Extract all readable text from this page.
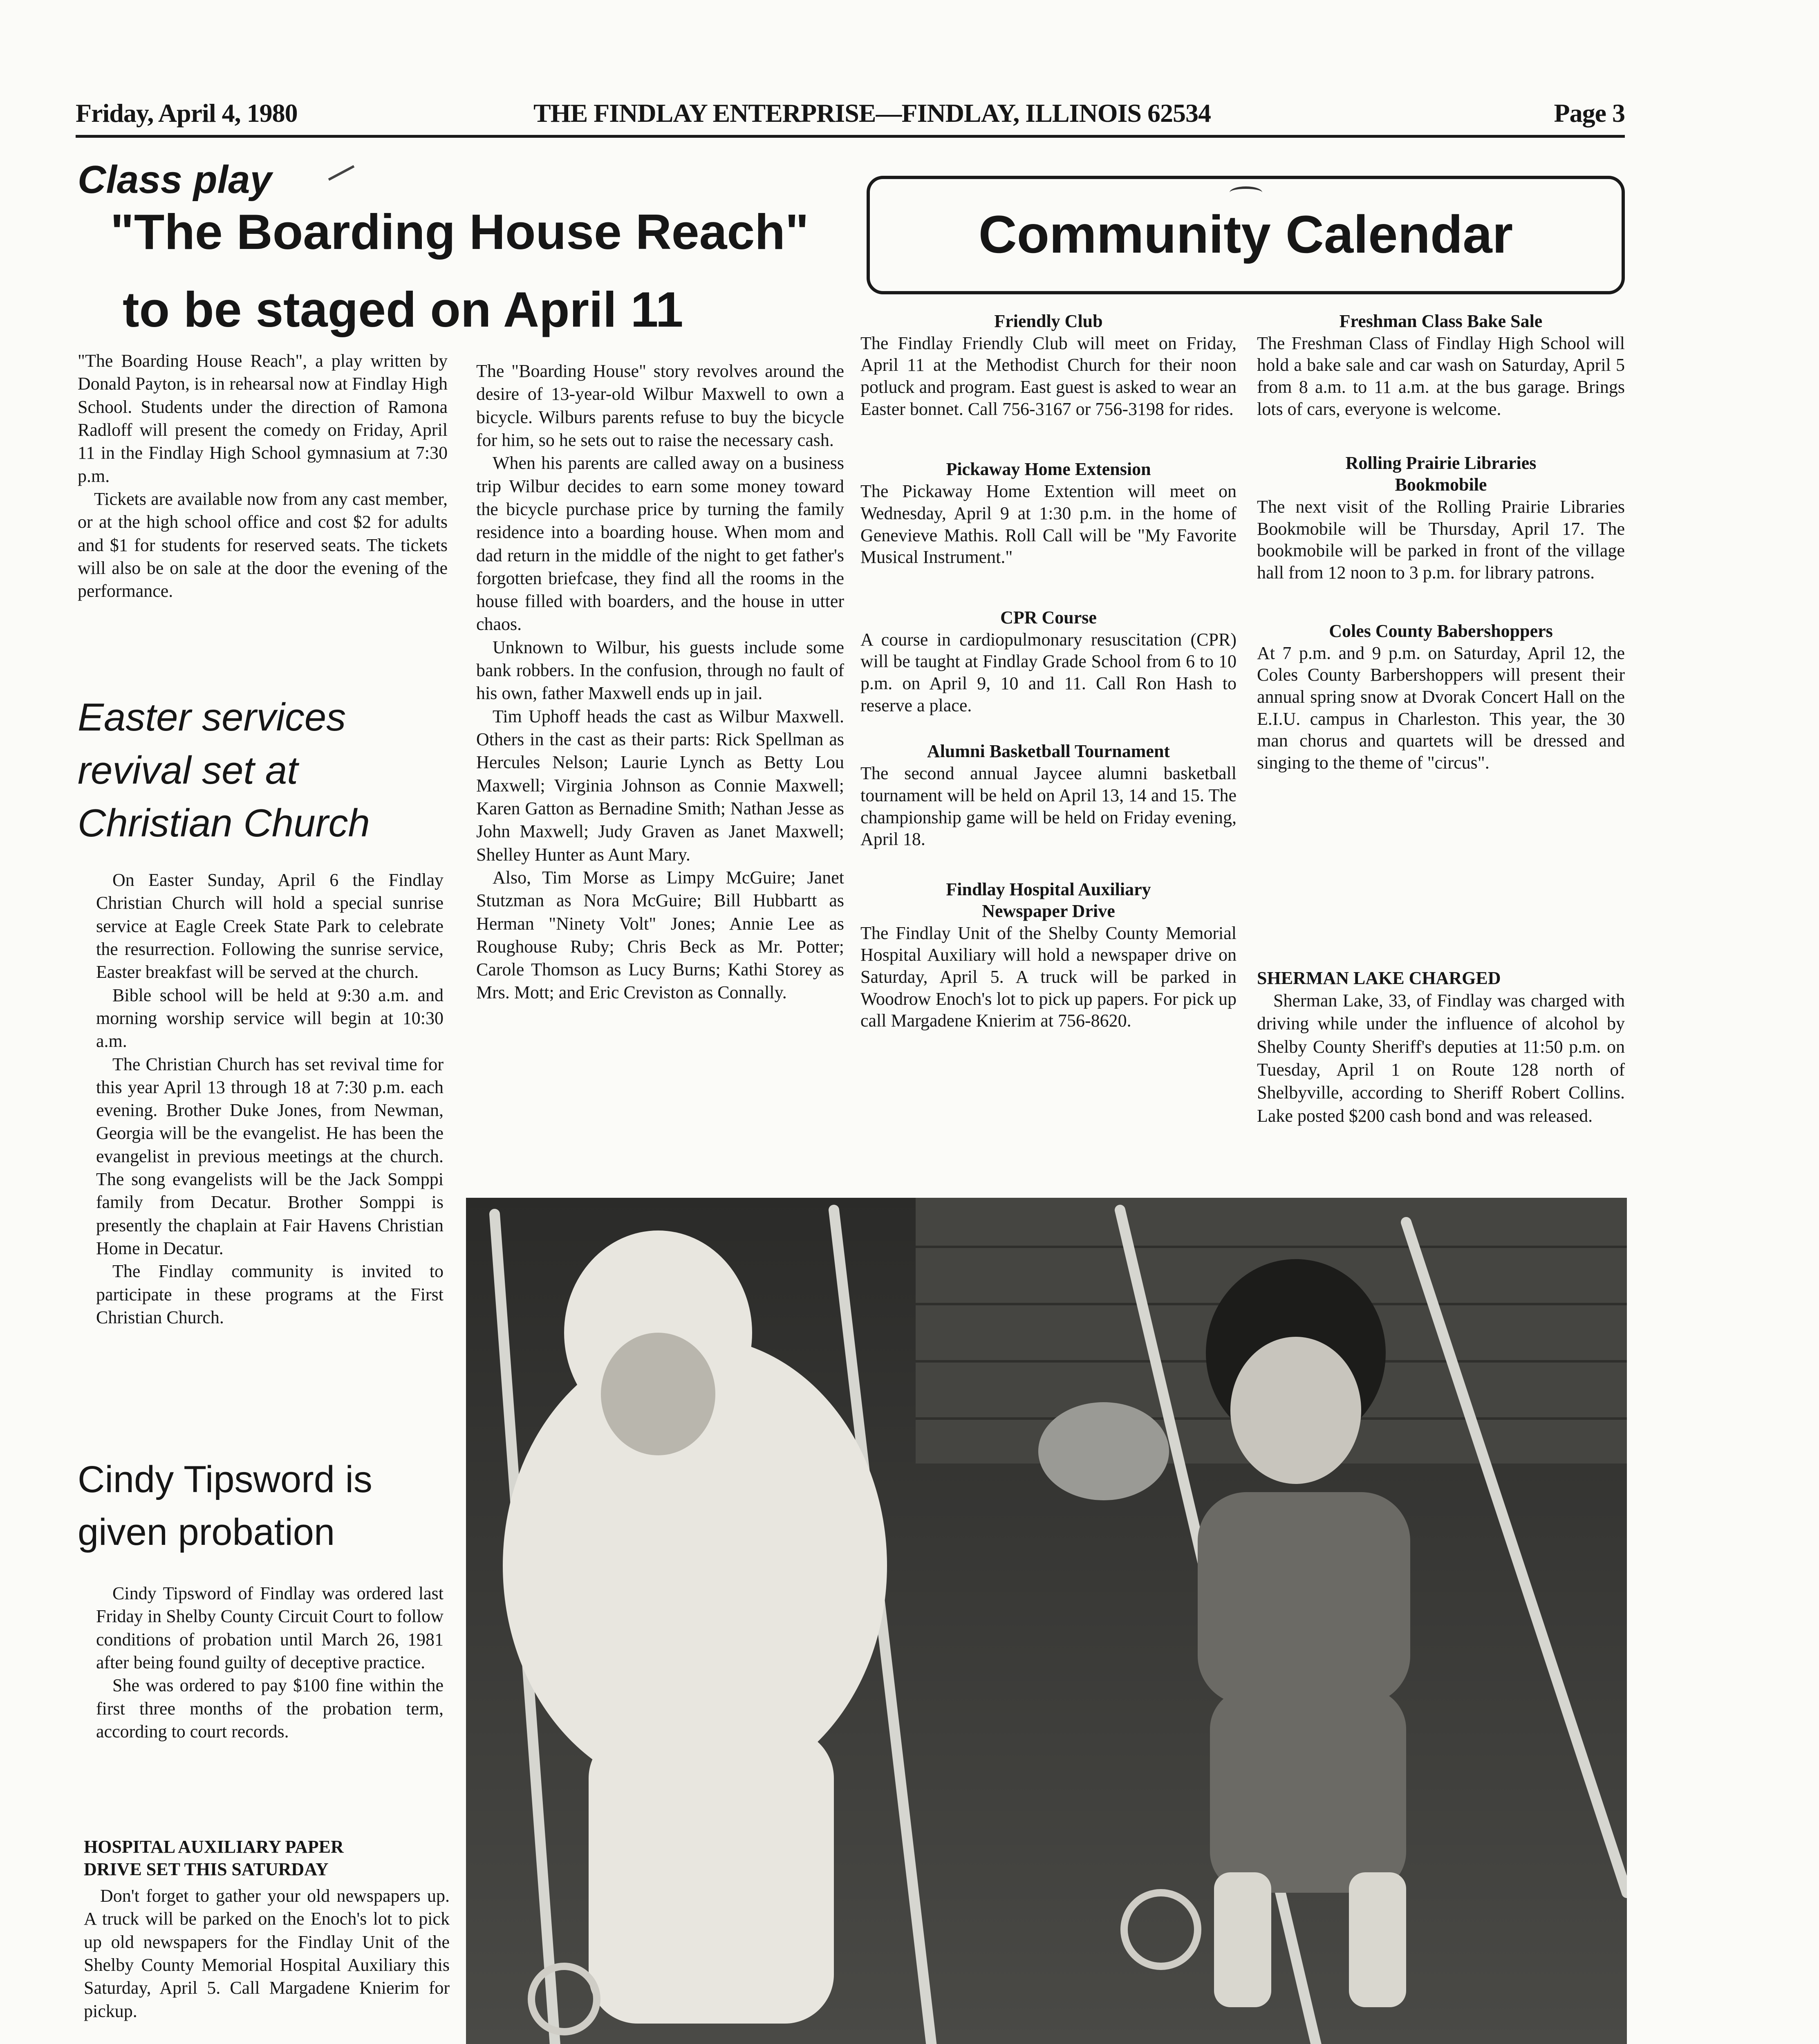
Friday, April 4, 1980	THE FINDLAY ENTERPRISE—FINDLAY, ILLINOIS 62534	Page 3
Class play
"The Boarding House Reach"
to be staged on April 11

"The Boarding House Reach", a play written by Donald Payton, is in rehearsal now at Findlay High School. Students under the direction of Ramona Radloff will present the comedy on Friday, April 11 in the Findlay High School gymnasium at 7:30 p.m.

Tickets are available now from any cast member, or at the high school office and cost $2 for adults and $1 for students for reserved seats. The tickets will also be on sale at the door the evening of the performance.

The "Boarding House" story revolves around the desire of 13-year-old Wilbur Maxwell to own a bicycle. Wilburs parents refuse to buy the bicycle for him, so he sets out to raise the necessary cash.

When his parents are called away on a business trip Wilbur decides to earn some money toward the bicycle purchase price by turning the family residence into a boarding house. When mom and dad return in the middle of the night to get father's forgotten briefcase, they find all the rooms in the house filled with boarders, and the house in utter chaos.

Unknown to Wilbur, his guests include some bank robbers. In the confusion, through no fault of his own, father Maxwell ends up in jail.

Tim Uphoff heads the cast as Wilbur Maxwell. Others in the cast as their parts: Rick Spellman as Hercules Nelson; Laurie Lynch as Betty Lou Maxwell; Virginia Johnson as Connie Maxwell; Karen Gatton as Bernadine Smith; Nathan Jesse as John Maxwell; Judy Graven as Janet Maxwell; Shelley Hunter as Aunt Mary.

Also, Tim Morse as Limpy McGuire; Janet Stutzman as Nora McGuire; Bill Hubbartt as Herman "Ninety Volt" Jones; Annie Lee as Roughouse Ruby; Chris Beck as Mr. Potter; Carole Thomson as Lucy Burns; Kathi Storey as Mrs. Mott; and Eric Creviston as Connally.

Easter services
revival set at
Christian Church

On Easter Sunday, April 6 the Findlay Christian Church will hold a special sunrise service at Eagle Creek State Park to celebrate the resurrection. Following the sunrise service, Easter breakfast will be served at the church.

Bible school will be held at 9:30 a.m. and morning worship service will begin at 10:30 a.m.

The Christian Church has set revival time for this year April 13 through 18 at 7:30 p.m. each evening. Brother Duke Jones, from Newman, Georgia will be the evangelist. He has been the evangelist in previous meetings at the church. The song evangelists will be the Jack Somppi family from Decatur. Brother Somppi is presently the chaplain at Fair Havens Christian Home in Decatur.

The Findlay community is invited to participate in these programs at the First Christian Church.

Cindy Tipsword is
given probation

Cindy Tipsword of Findlay was ordered last Friday in Shelby County Circuit Court to follow conditions of probation until March 26, 1981 after being found guilty of deceptive practice.

She was ordered to pay $100 fine within the first three months of the probation term, according to court records.

HOSPITAL AUXILIARY PAPER
DRIVE SET THIS SATURDAY

Don't forget to gather your old newspapers up. A truck will be parked on the Enoch's lot to pick up old newspapers for the Findlay Unit of the Shelby County Memorial Hospital Auxiliary this Saturday, April 5. Call Margadene Knierim for pickup.

Community Calendar
Friendly Club
The Findlay Friendly Club will meet on Friday, April 11 at the Methodist Church for their noon potluck and program. East guest is asked to wear an Easter bonnet. Call 756-3167 or 756-3198 for rides.
Pickaway Home Extension
The Pickaway Home Extention will meet on Wednesday, April 9 at 1:30 p.m. in the home of Genevieve Mathis. Roll Call will be "My Favorite Musical Instrument."
CPR Course
A course in cardiopulmonary resuscitation (CPR) will be taught at Findlay Grade School from 6 to 10 p.m. on April 9, 10 and 11. Call Ron Hash to reserve a place.
Alumni Basketball Tournament
The second annual Jaycee alumni basketball tournament will be held on April 13, 14 and 15. The championship game will be held on Friday evening, April 18.
Findlay Hospital Auxiliary Newspaper Drive
The Findlay Unit of the Shelby County Memorial Hospital Auxiliary will hold a newspaper drive on Saturday, April 5. A truck will be parked in Woodrow Enoch's lot to pick up papers. For pick up call Margadene Knierim at 756-8620.
Freshman Class Bake Sale
The Freshman Class of Findlay High School will hold a bake sale and car wash on Saturday, April 5 from 8 a.m. to 11 a.m. at the bus garage. Brings lots of cars, everyone is welcome.
Rolling Prairie Libraries Bookmobile
The next visit of the Rolling Prairie Libraries Bookmobile will be Thursday, April 17. The bookmobile will be parked in front of the village hall from 12 noon to 3 p.m. for library patrons.
Coles County Babershoppers
At 7 p.m. and 9 p.m. on Saturday, April 12, the Coles County Barbershoppers will present their annual spring snow at Dvorak Concert Hall on the E.I.U. campus in Charleston. This year, the 30 man chorus and quartets will be dressed and singing to the theme of "circus".
SHERMAN LAKE CHARGED

Sherman Lake, 33, of Findlay was charged with driving while under the influence of alcohol by Shelby County Sheriff's deputies at 11:50 p.m. on Tuesday, April 1 on Route 128 north of Shelbyville, according to Sheriff Robert Collins. Lake posted $200 cash bond and was released.
